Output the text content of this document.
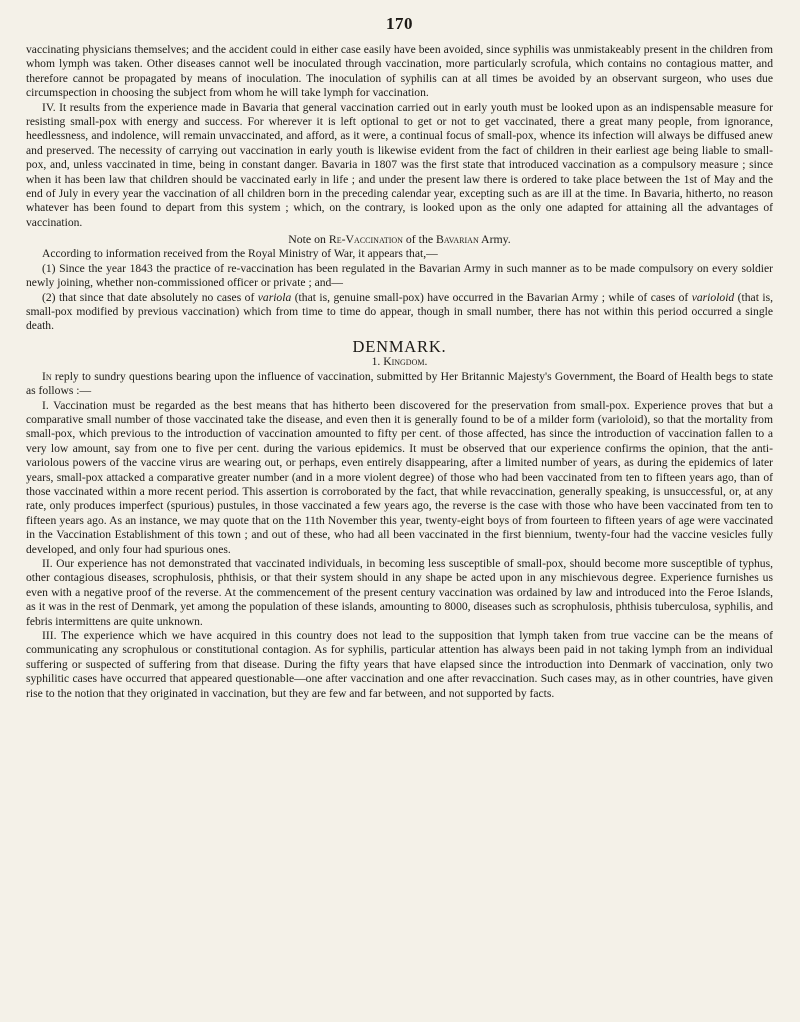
170

vaccinating physicians themselves; and the accident could in either case easily have been avoided, since syphilis was unmistakeably present in the children from whom lymph was taken. Other diseases cannot well be inoculated through vaccination, more particularly scrofula, which contains no contagious matter, and therefore cannot be propagated by means of inoculation. The inoculation of syphilis can at all times be avoided by an observant surgeon, who uses due circumspection in choosing the subject from whom he will take lymph for vaccination.

IV. It results from the experience made in Bavaria that general vaccination carried out in early youth must be looked upon as an indispensable measure for resisting small-pox with energy and success. For wherever it is left optional to get or not to get vaccinated, there a great many people, from ignorance, heedlessness, and indolence, will remain unvaccinated, and afford, as it were, a continual focus of small-pox, whence its infection will always be diffused anew and preserved. The necessity of carrying out vaccination in early youth is likewise evident from the fact of children in their earliest age being liable to small-pox, and, unless vaccinated in time, being in constant danger. Bavaria in 1807 was the first state that introduced vaccination as a compulsory measure ; since when it has been law that children should be vaccinated early in life ; and under the present law there is ordered to take place between the 1st of May and the end of July in every year the vaccination of all children born in the preceding calendar year, excepting such as are ill at the time. In Bavaria, hitherto, no reason whatever has been found to depart from this system ; which, on the contrary, is looked upon as the only one adapted for attaining all the advantages of vaccination.

Note on Re-Vaccination of the Bavarian Army.

According to information received from the Royal Ministry of War, it appears that,—

(1) Since the year 1843 the practice of re-vaccination has been regulated in the Bavarian Army in such manner as to be made compulsory on every soldier newly joining, whether non-commissioned officer or private ; and—

(2) that since that date absolutely no cases of variola (that is, genuine small-pox) have occurred in the Bavarian Army ; while of cases of varioloid (that is, small-pox modified by previous vaccination) which from time to time do appear, though in small number, there has not within this period occurred a single death.

DENMARK.
1. Kingdom.

In reply to sundry questions bearing upon the influence of vaccination, submitted by Her Britannic Majesty's Government, the Board of Health begs to state as follows :—

I. Vaccination must be regarded as the best means that has hitherto been discovered for the preservation from small-pox. Experience proves that but a comparative small number of those vaccinated take the disease, and even then it is generally found to be of a milder form (varioloid), so that the mortality from small-pox, which previous to the introduction of vaccination amounted to fifty per cent. of those affected, has since the introduction of vaccination fallen to a very low amount, say from one to five per cent. during the various epidemics. It must be observed that our experience confirms the opinion, that the anti-variolous powers of the vaccine virus are wearing out, or perhaps, even entirely disappearing, after a limited number of years, as during the epidemics of later years, small-pox attacked a comparative greater number (and in a more violent degree) of those who had been vaccinated from ten to fifteen years ago, than of those vaccinated within a more recent period. This assertion is corroborated by the fact, that while revaccination, generally speaking, is unsuccessful, or, at any rate, only produces imperfect (spurious) pustules, in those vaccinated a few years ago, the reverse is the case with those who have been vaccinated from ten to fifteen years ago. As an instance, we may quote that on the 11th November this year, twenty-eight boys of from fourteen to fifteen years of age were vaccinated in the Vaccination Establishment of this town ; and out of these, who had all been vaccinated in the first biennium, twenty-four had the vaccine vesicles fully developed, and only four had spurious ones.

II. Our experience has not demonstrated that vaccinated individuals, in becoming less susceptible of small-pox, should become more susceptible of typhus, other contagious diseases, scrophulosis, phthisis, or that their system should in any shape be acted upon in any mischievous degree. Experience furnishes us even with a negative proof of the reverse. At the commencement of the present century vaccination was ordained by law and introduced into the Feroe Islands, as it was in the rest of Denmark, yet among the population of these islands, amounting to 8000, diseases such as scrophulosis, phthisis tuberculosa, syphilis, and febris intermittens are quite unknown.

III. The experience which we have acquired in this country does not lead to the supposition that lymph taken from true vaccine can be the means of communicating any scrophulous or constitutional contagion. As for syphilis, particular attention has always been paid in not taking lymph from an individual suffering or suspected of suffering from that disease. During the fifty years that have elapsed since the introduction into Denmark of vaccination, only two syphilitic cases have occurred that appeared questionable—one after vaccination and one after revaccination. Such cases may, as in other countries, have given rise to the notion that they originated in vaccination, but they are few and far between, and not supported by facts.
